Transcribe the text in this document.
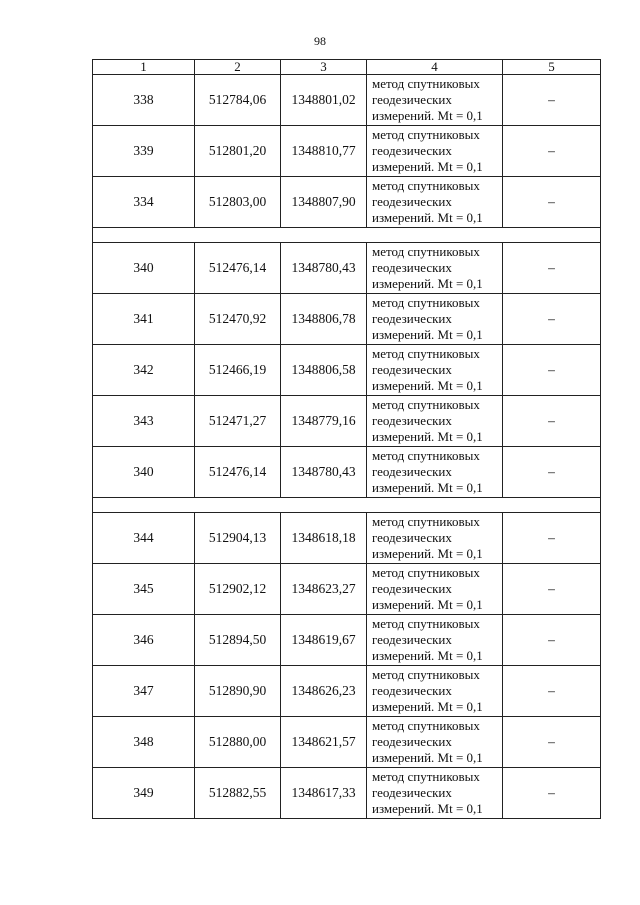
98
1	2	3	4	5
338	512784,06	1348801,02	метод спутниковых
геодезических
измерений. Mt = 0,1	–
339	512801,20	1348810,77	метод спутниковых
геодезических
измерений. Mt = 0,1	–
334	512803,00	1348807,90	метод спутниковых
геодезических
измерений. Mt = 0,1	–

340	512476,14	1348780,43	метод спутниковых
геодезических
измерений. Mt = 0,1	–
341	512470,92	1348806,78	метод спутниковых
геодезических
измерений. Mt = 0,1	–
342	512466,19	1348806,58	метод спутниковых
геодезических
измерений. Mt = 0,1	–
343	512471,27	1348779,16	метод спутниковых
геодезических
измерений. Mt = 0,1	–
340	512476,14	1348780,43	метод спутниковых
геодезических
измерений. Mt = 0,1	–

344	512904,13	1348618,18	метод спутниковых
геодезических
измерений. Mt = 0,1	–
345	512902,12	1348623,27	метод спутниковых
геодезических
измерений. Mt = 0,1	–
346	512894,50	1348619,67	метод спутниковых
геодезических
измерений. Mt = 0,1	–
347	512890,90	1348626,23	метод спутниковых
геодезических
измерений. Mt = 0,1	–
348	512880,00	1348621,57	метод спутниковых
геодезических
измерений. Mt = 0,1	–
349	512882,55	1348617,33	метод спутниковых
геодезических
измерений. Mt = 0,1	–
